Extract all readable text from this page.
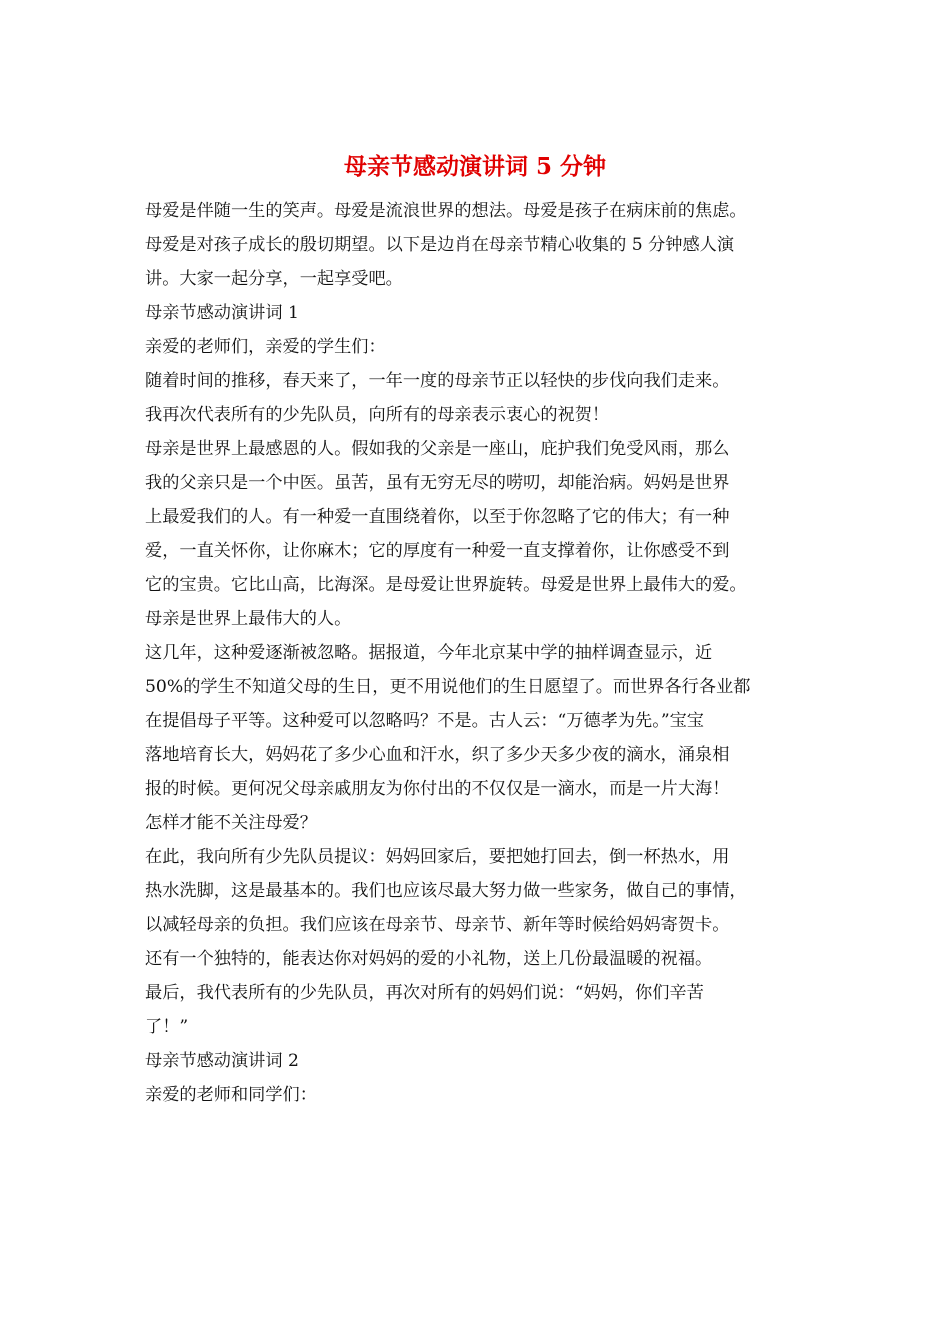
母亲节感动演讲词 5 分钟
母爱是伴随一生的笑声。母爱是流浪世界的想法。母爱是孩子在病床前的焦虑。
母爱是对孩子成长的殷切期望。以下是边肖在母亲节精心收集的 5 分钟感人演
讲。大家一起分享，一起享受吧。
母亲节感动演讲词 1
亲爱的老师们，亲爱的学生们：
随着时间的推移，春天来了，一年一度的母亲节正以轻快的步伐向我们走来。
我再次代表所有的少先队员，向所有的母亲表示衷心的祝贺！
母亲是世界上最感恩的人。假如我的父亲是一座山，庇护我们免受风雨，那么
我的父亲只是一个中医。虽苦，虽有无穷无尽的唠叨，却能治病。妈妈是世界
上最爱我们的人。有一种爱一直围绕着你，以至于你忽略了它的伟大；有一种
爱，一直关怀你，让你麻木；它的厚度有一种爱一直支撑着你，让你感受不到
它的宝贵。它比山高，比海深。是母爱让世界旋转。母爱是世界上最伟大的爱。
母亲是世界上最伟大的人。
这几年，这种爱逐渐被忽略。据报道，今年北京某中学的抽样调查显示，近
50%的学生不知道父母的生日，更不用说他们的生日愿望了。而世界各行各业都
在提倡母子平等。这种爱可以忽略吗？不是。古人云：“万德孝为先。”宝宝
落地培育长大，妈妈花了多少心血和汗水，织了多少天多少夜的滴水，涌泉相
报的时候。更何况父母亲戚朋友为你付出的不仅仅是一滴水，而是一片大海！
怎样才能不关注母爱？
在此，我向所有少先队员提议：妈妈回家后，要把她打回去，倒一杯热水，用
热水洗脚，这是最基本的。我们也应该尽最大努力做一些家务，做自己的事情，
以减轻母亲的负担。我们应该在母亲节、母亲节、新年等时候给妈妈寄贺卡。
还有一个独特的，能表达你对妈妈的爱的小礼物，送上几份最温暖的祝福。
最后，我代表所有的少先队员，再次对所有的妈妈们说：“妈妈，你们辛苦
了！”
母亲节感动演讲词 2
亲爱的老师和同学们：
